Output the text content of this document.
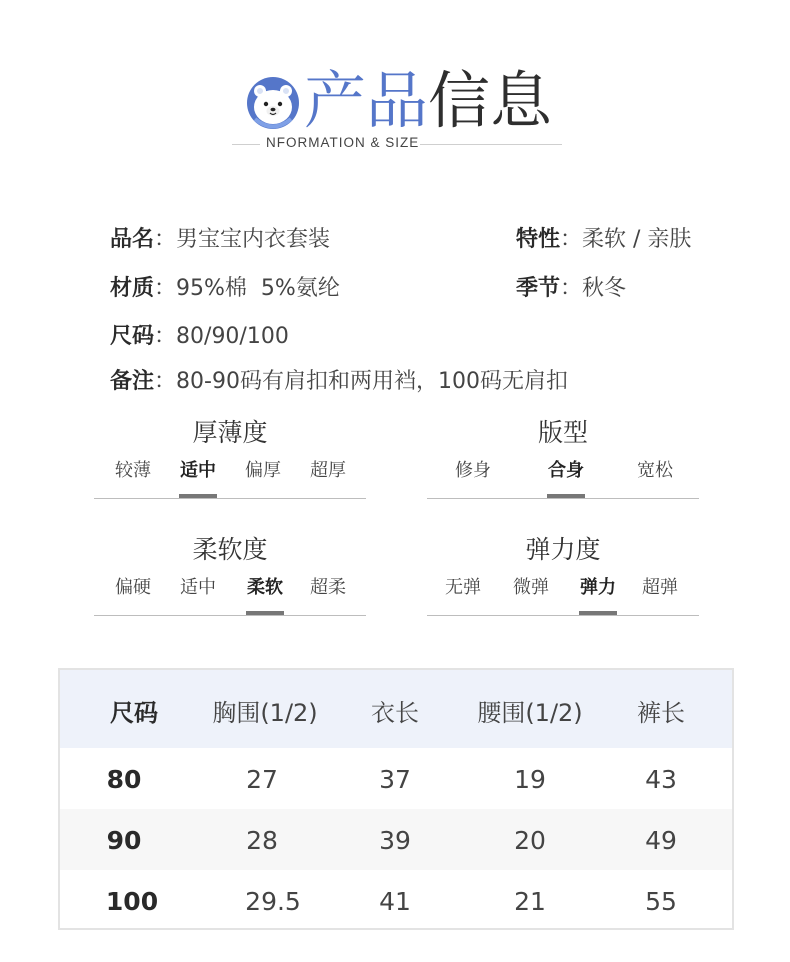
产品 信息
NFORMATION & SIZE
品名：男宝宝内衣套装	特性：柔软 / 亲肤
材质：95%棉  5%氨纶	季节：秋冬
尺码：80/90/100
备注：80-90码有肩扣和两用裆，100码无肩扣
厚薄度
较薄 适中 偏厚 超厚
版型
修身	合身	宽松
柔软度
偏硬 适中 柔软 超柔
弹力度
无弹 微弹 弹力 超弹
尺码 胸围(1/2) 衣长 腰围(1/2) 裤长
80	27	37	19	43
90	28	39	20	49
100	29.5	41	21	55
